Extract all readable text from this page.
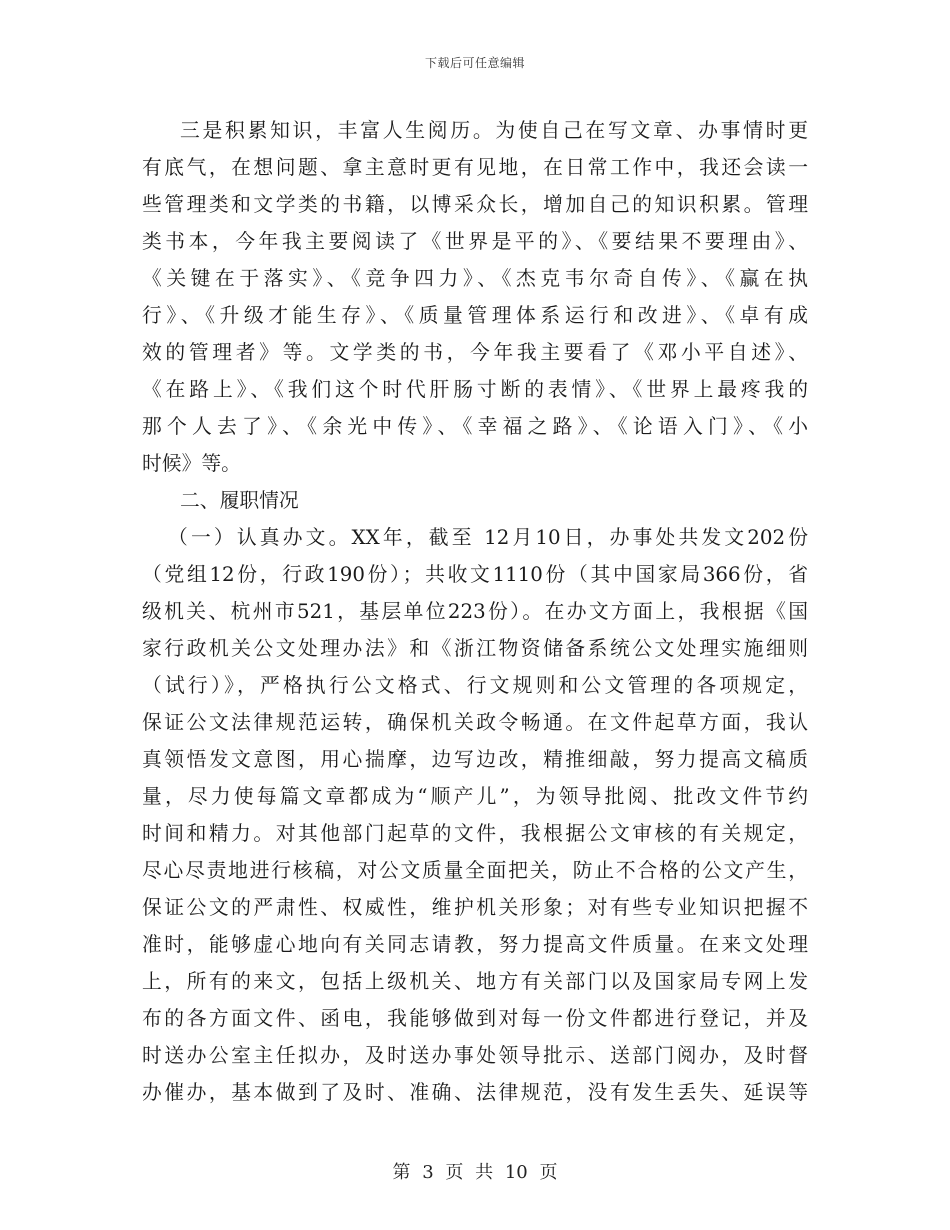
下载后可任意编辑
三是积累知识，丰富人生阅历。为使自己在写文章、办事情时更
有底气，在想问题、拿主意时更有见地，在日常工作中，我还会读一
些管理类和文学类的书籍，以博采众长，增加自己的知识积累。管理
类书本，今年我主要阅读了《世界是平的》、《要结果不要理由》、
《关键在于落实》、《竞争四力》、《杰克韦尔奇自传》、《赢在执
行》、《升级才能生存》、《质量管理体系运行和改进》、《卓有成
效的管理者》等。文学类的书，今年我主要看了《邓小平自述》、
《在路上》、《我们这个时代肝肠寸断的表情》、《世界上最疼我的
那个人去了》、《余光中传》、《幸福之路》、《论语入门》、《小
时候》等。
二、履职情况
（一）认真办文。XX年，截至 12月10日，办事处共发文202份
（党组12份，行政190份）；共收文1110份（其中国家局366份，省
级机关、杭州市521，基层单位223份）。在办文方面上，我根据《国
家行政机关公文处理办法》和《浙江物资储备系统公文处理实施细则
（试行）》，严格执行公文格式、行文规则和公文管理的各项规定，
保证公文法律规范运转，确保机关政令畅通。在文件起草方面，我认
真领悟发文意图，用心揣摩，边写边改，精推细敲，努力提高文稿质
量，尽力使每篇文章都成为“顺产儿”，为领导批阅、批改文件节约
时间和精力。对其他部门起草的文件，我根据公文审核的有关规定，
尽心尽责地进行核稿，对公文质量全面把关，防止不合格的公文产生，
保证公文的严肃性、权威性，维护机关形象；对有些专业知识把握不
准时，能够虚心地向有关同志请教，努力提高文件质量。在来文处理
上，所有的来文，包括上级机关、地方有关部门以及国家局专网上发
布的各方面文件、函电，我能够做到对每一份文件都进行登记，并及
时送办公室主任拟办，及时送办事处领导批示、送部门阅办，及时督
办催办，基本做到了及时、准确、法律规范，没有发生丢失、延误等
第 3 页 共 10 页
